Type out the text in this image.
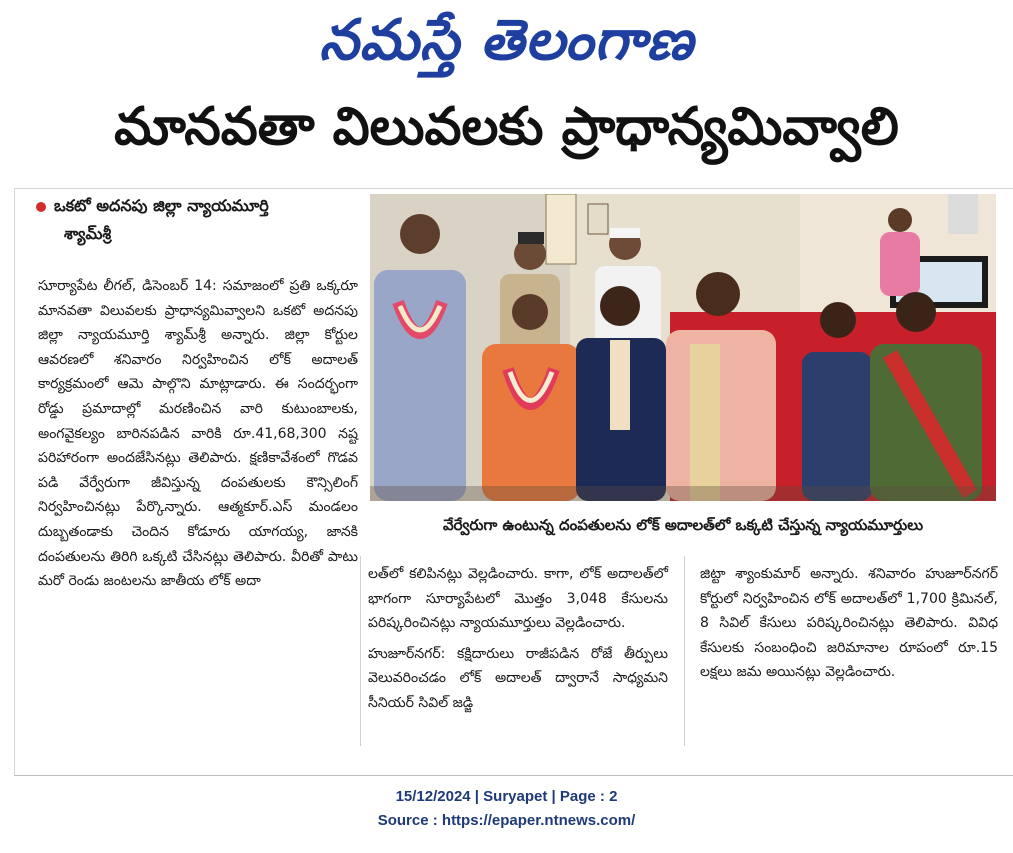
నమస్తే తెలంగాణ
మానవతా విలువలకు ప్రాధాన్యమివ్వాలి
ఒకటో అదనపు జిల్లా న్యాయమూర్తి
శ్యామ్‌శ్రీ

సూర్యాపేట లీగల్, డిసెంబర్ 14: సమాజంలో ప్రతి ఒక్కరూ మానవతా విలువలకు ప్రాధాన్యమివ్వాలని ఒకటో అదనపు జిల్లా న్యాయమూర్తి శ్యామ్‌శ్రీ అన్నారు. జిల్లా కోర్టుల ఆవరణలో శనివారం నిర్వహించిన లోక్ అదాలత్ కార్యక్రమంలో ఆమె పాల్గొని మాట్లాడారు. ఈ సందర్భంగా రోడ్డు ప్రమాదాల్లో మరణించిన వారి కుటుంబాలకు, అంగవైకల్యం బారినపడిన వారికి రూ.41,68,300 నష్ట పరిహారంగా అందజేసినట్లు తెలిపారు. క్షణికావేశంలో గొడవ పడి వేర్వేరుగా జీవిస్తున్న దంపతులకు కౌన్సిలింగ్ నిర్వహించినట్లు పేర్కొన్నారు. ఆత్మకూర్.ఎస్ మండలం దుబ్బతండాకు చెందిన కోడూరు యాగయ్య, జానకి దంపతులను తిరిగి ఒక్కటి చేసినట్లు తెలిపారు. వీరితో పాటు మరో రెండు జంటలను జాతీయ లోక్ అదా	లత్‌లో కలిపినట్లు వెల్లడించారు. కాగా, లోక్ అదాలత్‌లో భాగంగా సూర్యాపేటలో మొత్తం 3,048 కేసులను పరిష్కరించినట్లు న్యాయమూర్తులు వెల్లడించారు.

హుజూర్‌నగర్: కక్షిదారులు రాజీపడిన రోజే తీర్పులు వెలువరించడం లోక్ అదాలత్ ద్వారానే సాధ్యమని సీనియర్ సివిల్ జడ్జి

జిట్టా శ్యాంకుమార్ అన్నారు. శనివారం హుజూర్‌నగర్ కోర్టులో నిర్వహించిన లోక్ అదాలత్‌లో 1,700 క్రిమినల్, 8 సివిల్ కేసులు పరిష్కరించినట్లు తెలిపారు. వివిధ కేసులకు సంబంధించి జరిమానాల రూపంలో రూ.15 లక్షలు జమ అయినట్లు వెల్లడించారు.

వేర్వేరుగా ఉంటున్న దంపతులను లోక్ అదాలత్‌లో ఒక్కటి చేస్తున్న న్యాయమూర్తులు
15/12/2024 | Suryapet | Page : 2
Source : https://epaper.ntnews.com/
